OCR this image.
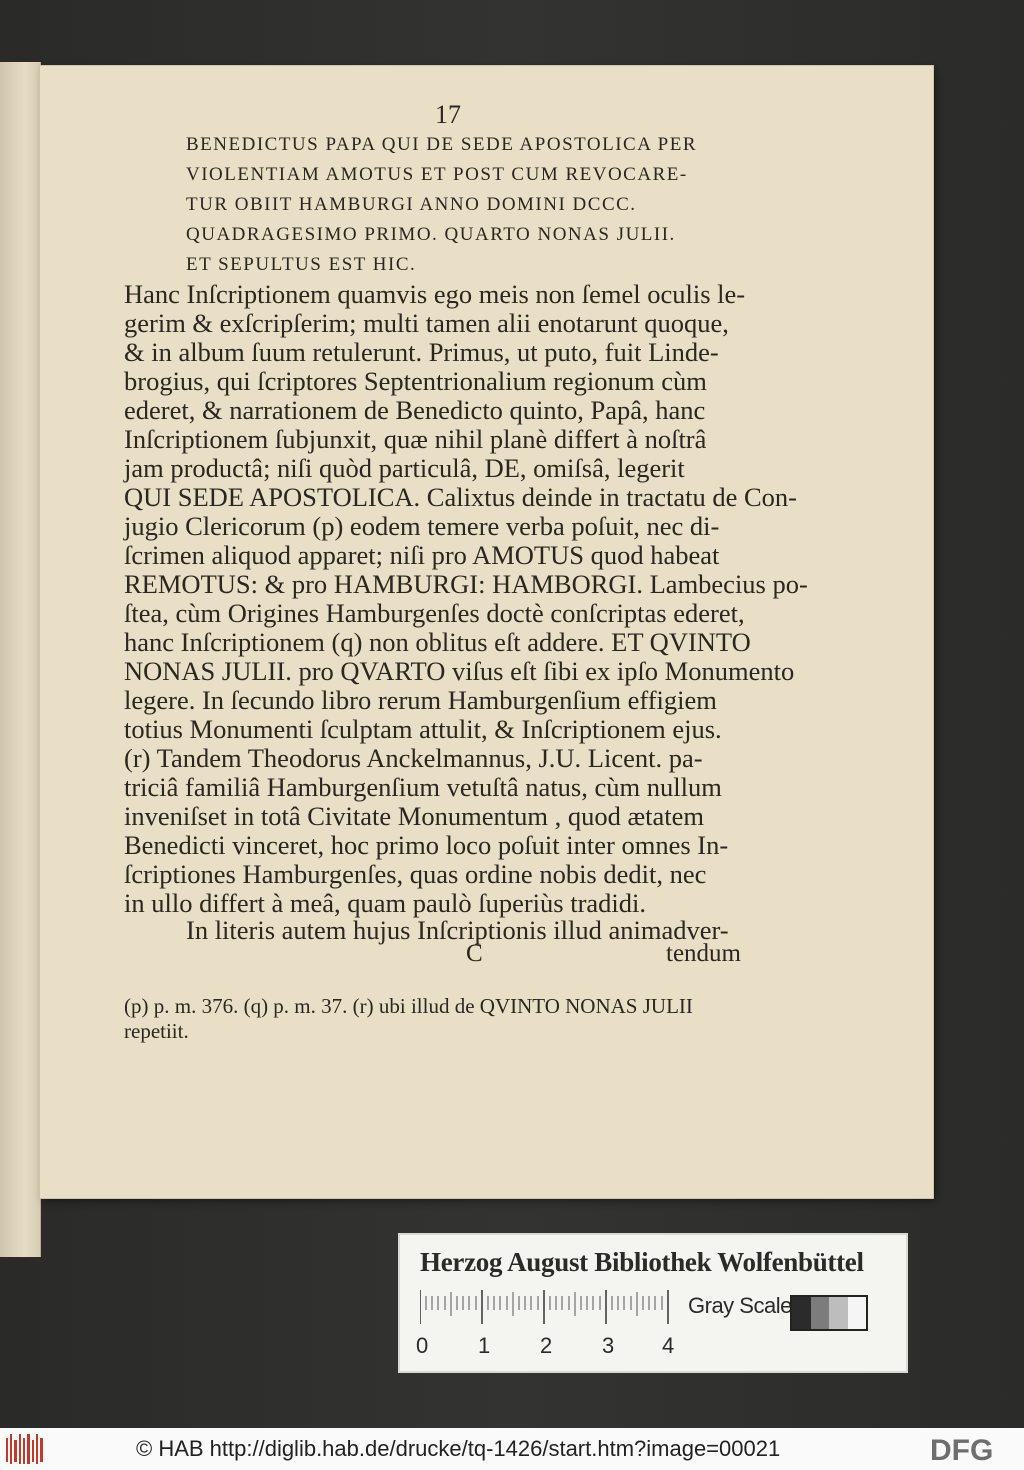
17
BENEDICTUS PAPA QUI DE SEDE APOSTOLICA PER
VIOLENTIAM AMOTUS ET POST CUM REVOCARE-
TUR OBIIT HAMBURGI ANNO DOMINI DCCC.
QUADRAGESIMO PRIMO. QUARTO NONAS JULII.
ET SEPULTUS EST HIC.
Hanc Inſcriptionem quamvis ego meis non ſemel oculis le-
gerim & exſcripſerim; multi tamen alii enotarunt quoque,
& in album ſuum retulerunt. Primus, ut puto, fuit Linde-
brogius, qui ſcriptores Septentrionalium regionum cùm
ederet, & narrationem de Benedicto quinto, Papâ, hanc
Inſcriptionem ſubjunxit, quæ nihil planè differt à noſtrâ
jam productâ; niſi quòd particulâ, DE, omiſsâ, legerit
QUI SEDE APOSTOLICA. Calixtus deinde in tractatu de Con-
jugio Clericorum (p) eodem temere verba poſuit, nec di-
ſcrimen aliquod apparet; niſi pro AMOTUS quod habeat
REMOTUS: & pro HAMBURGI: HAMBORGI. Lambecius po-
ſtea, cùm Origines Hamburgenſes doctè conſcriptas ederet,
hanc Inſcriptionem (q) non oblitus eſt addere. ET QVINTO
NONAS JULII. pro QVARTO viſus eſt ſibi ex ipſo Monumento
legere. In ſecundo libro rerum Hamburgenſium effigiem
totius Monumenti ſculptam attulit, & Inſcriptionem ejus.
(r) Tandem Theodorus Anckelmannus, J.U. Licent. pa-
triciâ familiâ Hamburgenſium vetuſtâ natus, cùm nullum
inveniſset in totâ Civitate Monumentum , quod ætatem
Benedicti vinceret, hoc primo loco poſuit inter omnes In-
ſcriptiones Hamburgenſes, quas ordine nobis dedit, nec
in ullo differt à meâ, quam paulò ſuperiùs tradidi.
In literis autem hujus Inſcriptionis illud animadver-
C	tendum
(p) p. m. 376. (q) p. m. 37. (r) ubi illud de QVINTO NONAS JULII
repetiit.
Herzog August Bibliothek Wolfenbüttel
Gray Scale
0 1 2 3 4
© HAB http://diglib.hab.de/drucke/tq-1426/start.htm?image=00021	DFG
